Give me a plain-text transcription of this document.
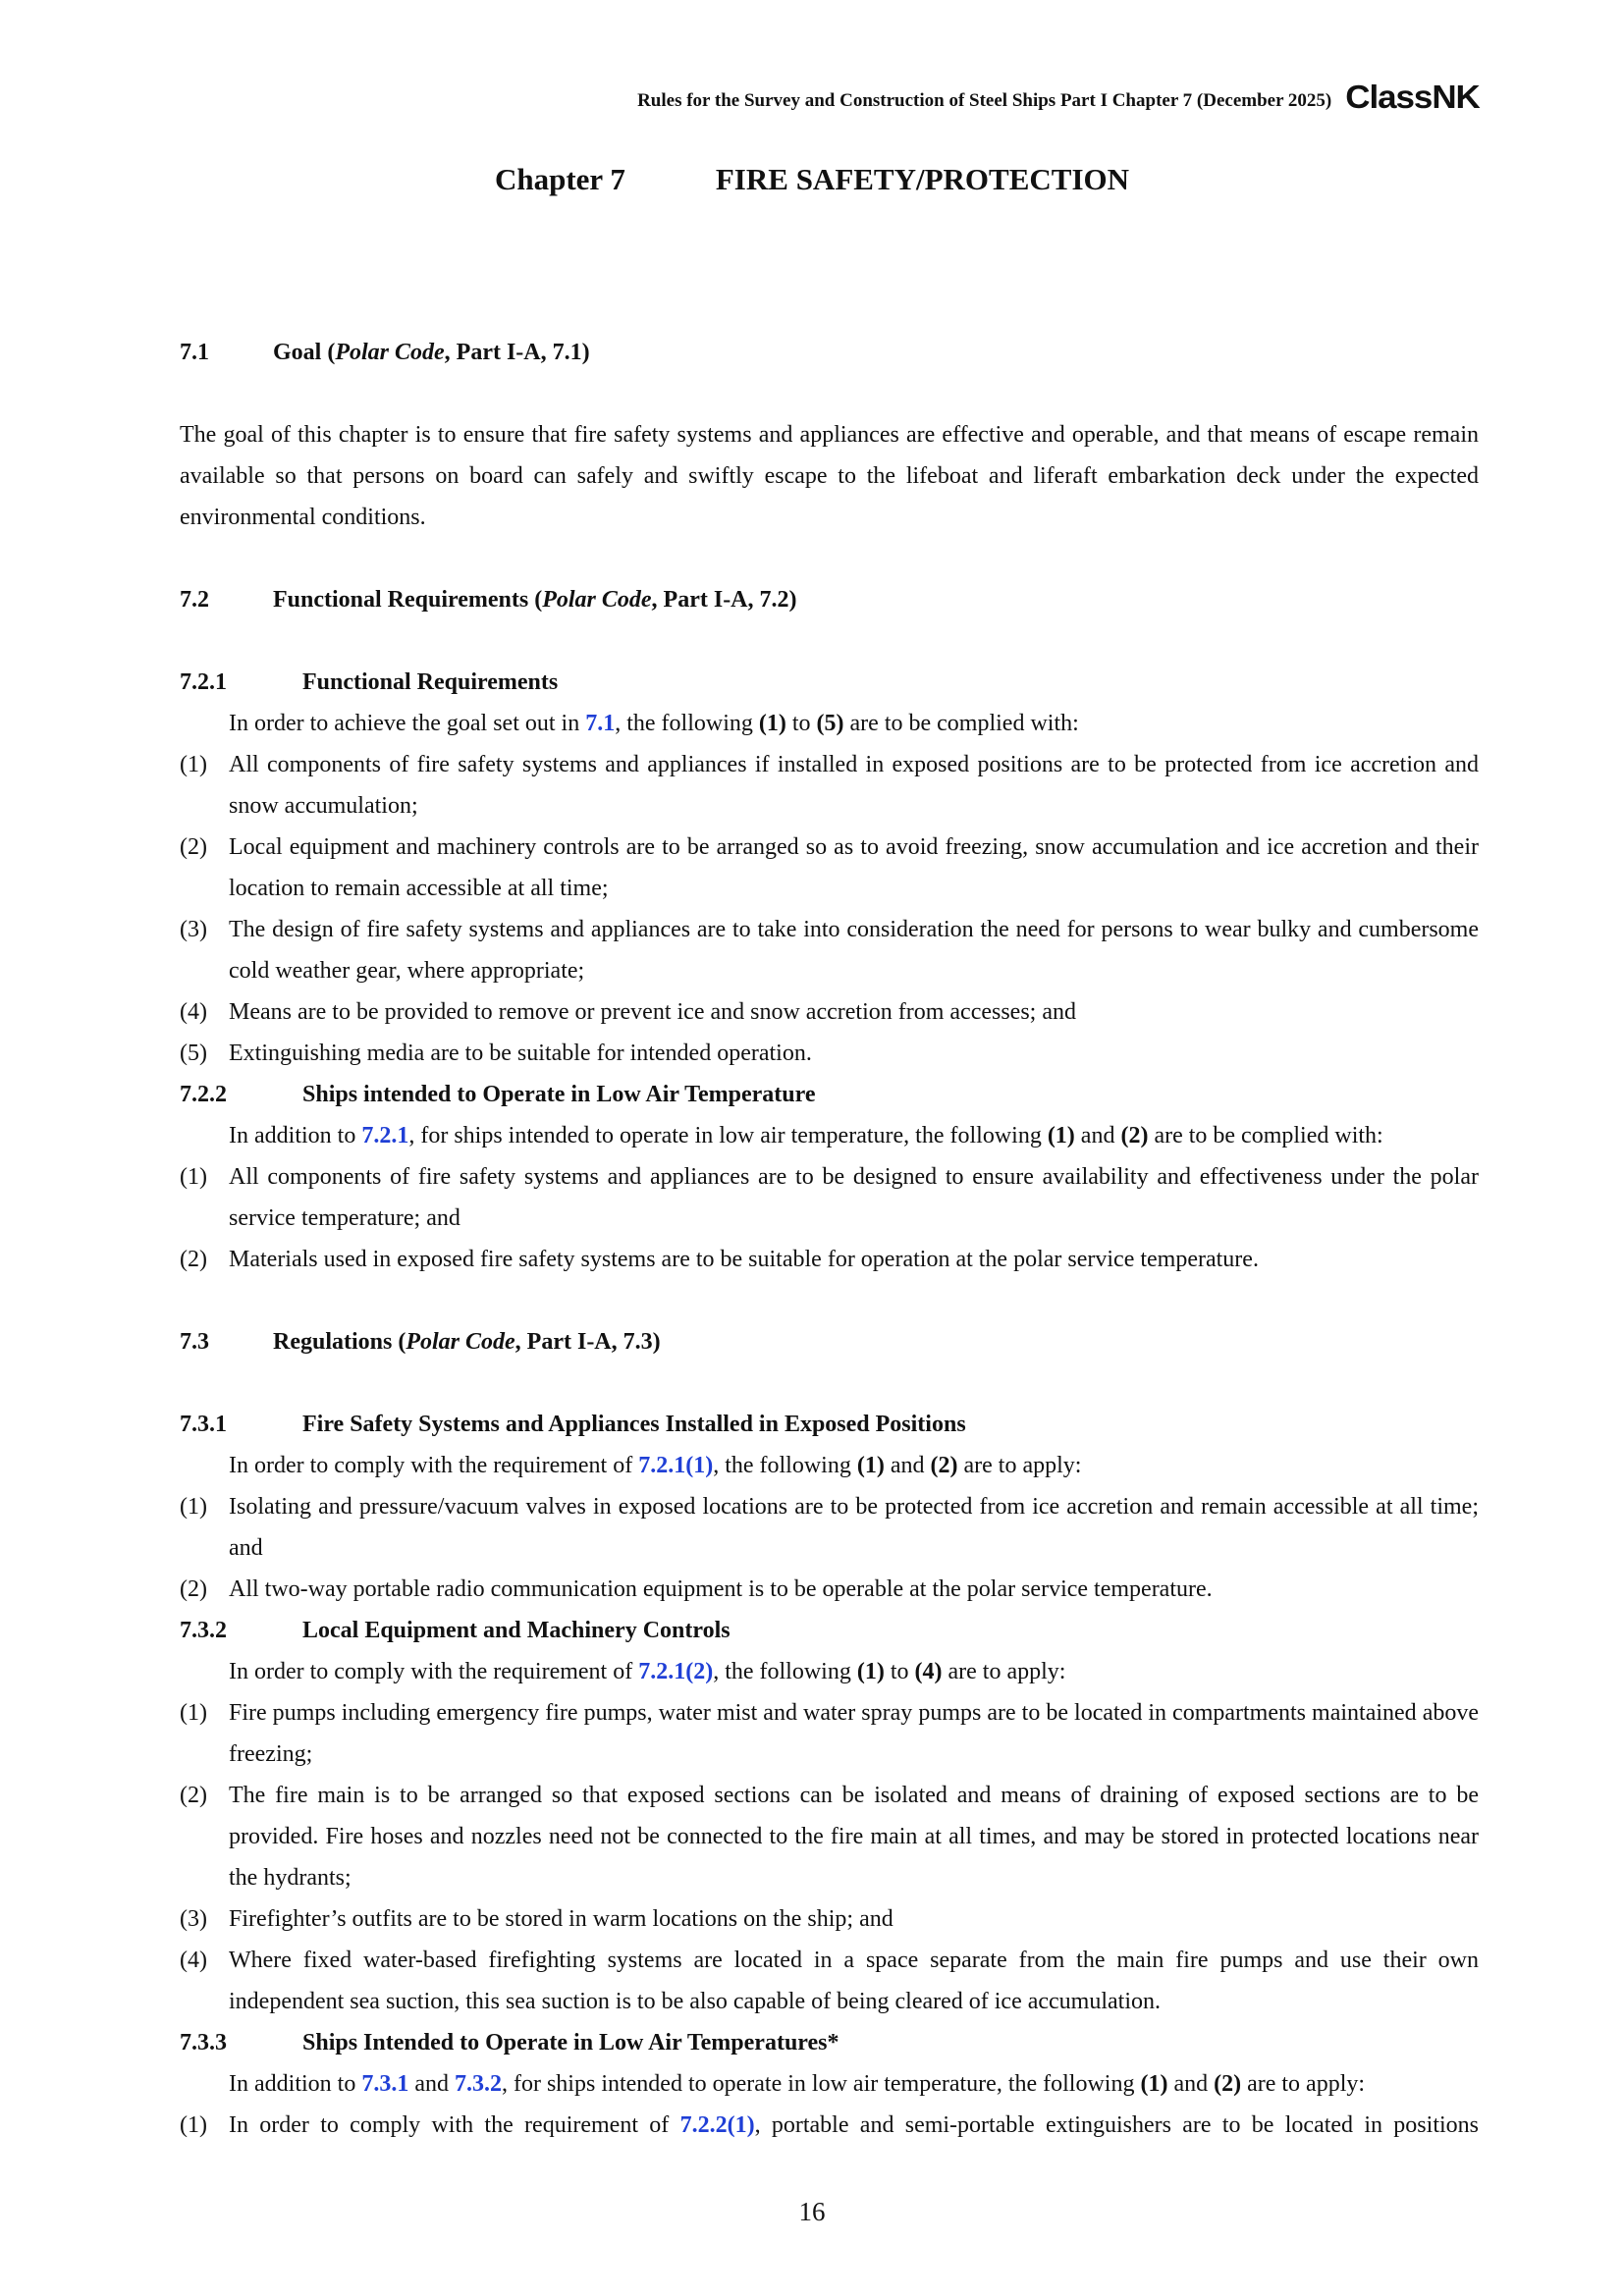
Rules for the Survey and Construction of Steel Ships Part I Chapter 7 (December 2025) ClassNK
Chapter 7	FIRE SAFETY/PROTECTION
7.1	Goal (Polar Code, Part I-A, 7.1)
The goal of this chapter is to ensure that fire safety systems and appliances are effective and operable, and that means of escape remain available so that persons on board can safely and swiftly escape to the lifeboat and liferaft embarkation deck under the expected environmental conditions.
7.2	Functional Requirements (Polar Code, Part I-A, 7.2)
7.2.1	Functional Requirements
In order to achieve the goal set out in 7.1, the following (1) to (5) are to be complied with:
(1) All components of fire safety systems and appliances if installed in exposed positions are to be protected from ice accretion and snow accumulation;
(2) Local equipment and machinery controls are to be arranged so as to avoid freezing, snow accumulation and ice accretion and their location to remain accessible at all time;
(3) The design of fire safety systems and appliances are to take into consideration the need for persons to wear bulky and cumbersome cold weather gear, where appropriate;
(4) Means are to be provided to remove or prevent ice and snow accretion from accesses; and
(5) Extinguishing media are to be suitable for intended operation.
7.2.2	Ships intended to Operate in Low Air Temperature
In addition to 7.2.1, for ships intended to operate in low air temperature, the following (1) and (2) are to be complied with:
(1) All components of fire safety systems and appliances are to be designed to ensure availability and effectiveness under the polar service temperature; and
(2) Materials used in exposed fire safety systems are to be suitable for operation at the polar service temperature.
7.3	Regulations (Polar Code, Part I-A, 7.3)
7.3.1	Fire Safety Systems and Appliances Installed in Exposed Positions
In order to comply with the requirement of 7.2.1(1), the following (1) and (2) are to apply:
(1) Isolating and pressure/vacuum valves in exposed locations are to be protected from ice accretion and remain accessible at all time; and
(2) All two-way portable radio communication equipment is to be operable at the polar service temperature.
7.3.2	Local Equipment and Machinery Controls
In order to comply with the requirement of 7.2.1(2), the following (1) to (4) are to apply:
(1) Fire pumps including emergency fire pumps, water mist and water spray pumps are to be located in compartments maintained above freezing;
(2) The fire main is to be arranged so that exposed sections can be isolated and means of draining of exposed sections are to be provided. Fire hoses and nozzles need not be connected to the fire main at all times, and may be stored in protected locations near the hydrants;
(3) Firefighter’s outfits are to be stored in warm locations on the ship; and
(4) Where fixed water-based firefighting systems are located in a space separate from the main fire pumps and use their own independent sea suction, this sea suction is to be also capable of being cleared of ice accumulation.
7.3.3	Ships Intended to Operate in Low Air Temperatures*
In addition to 7.3.1 and 7.3.2, for ships intended to operate in low air temperature, the following (1) and (2) are to apply:
(1) In order to comply with the requirement of 7.2.2(1), portable and semi-portable extinguishers are to be located in positions
16
